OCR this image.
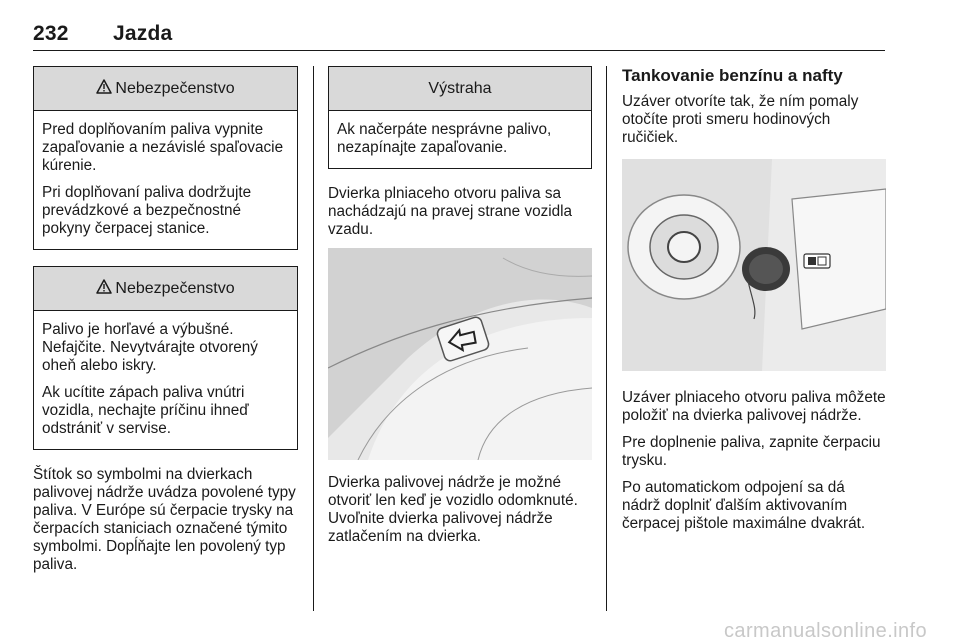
232 Jazda
Nebezpečenstvo

Pred doplňovaním paliva vypnite zapaľovanie a nezávislé spaľovacie kúrenie.

Pri doplňovaní paliva dodržujte prevádzkové a bezpečnostné pokyny čerpacej stanice.

Nebezpečenstvo

Palivo je horľavé a výbušné. Nefajčite. Nevytvárajte otvorený oheň alebo iskry.

Ak ucítite zápach paliva vnútri vozidla, nechajte príčinu ihneď odstrániť v servise.

Štítok so symbolmi na dvierkach palivovej nádrže uvádza povolené typy paliva. V Európe sú čerpacie trysky na čerpacích staniciach označené týmito symbolmi. Dopĺňajte len povolený typ paliva.

Výstraha

Ak načerpáte nesprávne palivo, nezapínajte zapaľovanie.

Dvierka plniaceho otvoru paliva sa nachádzajú na pravej strane vozidla vzadu.

Dvierka palivovej nádrže je možné otvoriť len keď je vozidlo odomknuté. Uvoľnite dvierka palivovej nádrže zatlačením na dvierka.

Tankovanie benzínu a nafty

Uzáver otvoríte tak, že ním pomaly otočíte proti smeru hodinových ručičiek.

Uzáver plniaceho otvoru paliva môžete položiť na dvierka palivovej nádrže.

Pre doplnenie paliva, zapnite čerpaciu trysku.

Po automatickom odpojení sa dá nádrž doplniť ďalším aktivovaním čerpacej pištole maximálne dvakrát.

carmanualsonline.info
